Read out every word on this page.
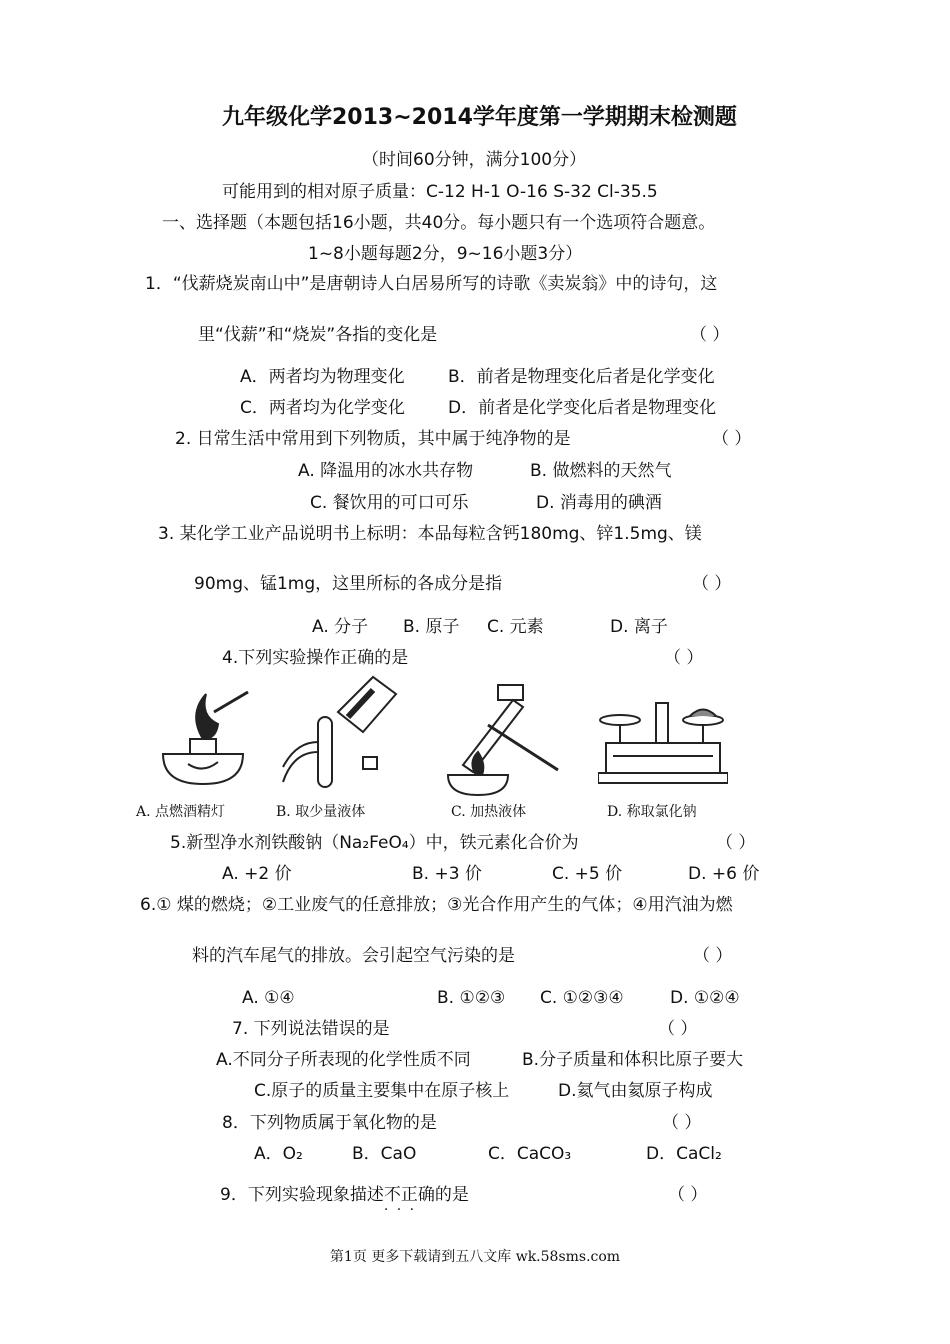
九年级化学2013~2014学年度第一学期期末检测题
（时间60分钟，满分100分）
可能用到的相对原子质量：C-12 H-1 O-16 S-32 Cl-35.5
一、选择题（本题包括16小题，共40分。每小题只有一个选项符合题意。
1~8小题每题2分，9~16小题3分）
1．“伐薪烧炭南山中”是唐朝诗人白居易所写的诗歌《卖炭翁》中的诗句，这
里“伐薪”和“烧炭”各指的变化是	（ ）
A．两者均为物理变化	B．前者是物理变化后者是化学变化
C．两者均为化学变化	D．前者是化学变化后者是物理变化
2. 日常生活中常用到下列物质，其中属于纯净物的是	（ ）
A. 降温用的冰水共存物	B. 做燃料的天然气
C. 餐饮用的可口可乐	D. 消毒用的碘酒
3. 某化学工业产品说明书上标明：本品每粒含钙180mg、锌1.5mg、镁
90mg、锰1mg，这里所标的各成分是指	（ ）
A. 分子 B. 原子 C. 元素	D. 离子
4.下列实验操作正确的是	（ ）
A. 点燃酒精灯	B. 取少量液体	C. 加热液体	D. 称取氯化钠
5.新型净水剂铁酸钠（Na₂FeO₄）中，铁元素化合价为	（ ）
A. +2 价	B. +3 价	C. +5 价	D. +6 价
6.① 煤的燃烧；②工业废气的任意排放；③光合作用产生的气体；④用汽油为燃
料的汽车尾气的排放。会引起空气污染的是	（ ）
A. ①④	B. ①②③ C. ①②③④	D. ①②④
7. 下列说法错误的是	（ ）
A.不同分子所表现的化学性质不同	B.分子质量和体积比原子要大
C.原子的质量主要集中在原子核上	D.氦气由氦原子构成
8．下列物质属于氧化物的是	（ ）
A．O₂	B．CaO	C．CaCO₃	D．CaCl₂
9．下列实验现象描述不正确 · · ·的是	（ ）
第1页 更多下载请到五八文库 wk.58sms.com
